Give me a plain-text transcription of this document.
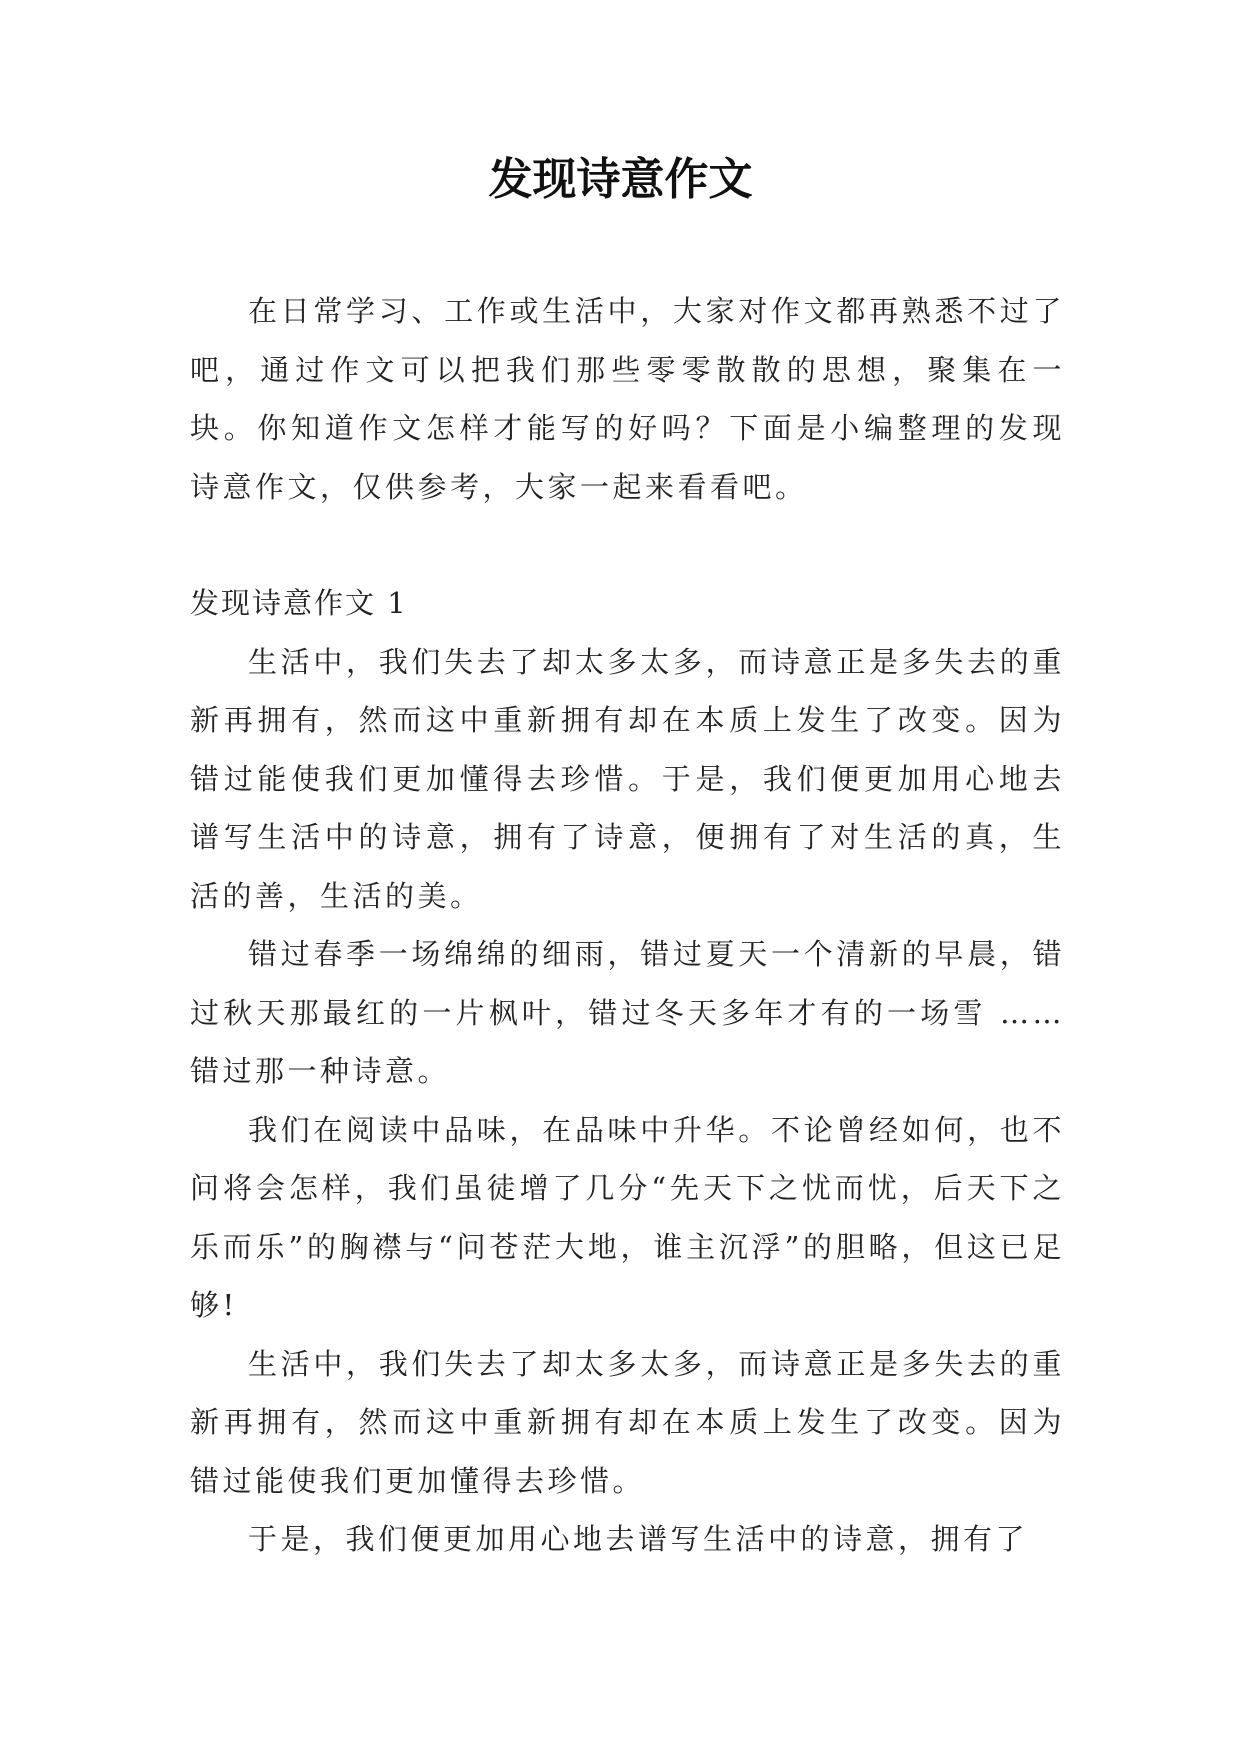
发现诗意作文

在日常学习、工作或生活中，大家对作文都再熟悉不过了吧，通过作文可以把我们那些零零散散的思想，聚集在一块。你知道作文怎样才能写的好吗？下面是小编整理的发现诗意作文，仅供参考，大家一起来看看吧。

发现诗意作文 1

生活中，我们失去了却太多太多，而诗意正是多失去的重新再拥有，然而这中重新拥有却在本质上发生了改变。因为错过能使我们更加懂得去珍惜。于是，我们便更加用心地去谱写生活中的诗意，拥有了诗意，便拥有了对生活的真，生活的善，生活的美。

错过春季一场绵绵的细雨，错过夏天一个清新的早晨，错过秋天那最红的一片枫叶，错过冬天多年才有的一场雪 ……错过那一种诗意。

我们在阅读中品味，在品味中升华。不论曾经如何，也不问将会怎样，我们虽徒增了几分“先天下之忧而忧，后天下之乐而乐”的胸襟与“问苍茫大地，谁主沉浮”的胆略，但这已足够!

生活中，我们失去了却太多太多，而诗意正是多失去的重新再拥有，然而这中重新拥有却在本质上发生了改变。因为错过能使我们更加懂得去珍惜。

于是，我们便更加用心地去谱写生活中的诗意，拥有了
